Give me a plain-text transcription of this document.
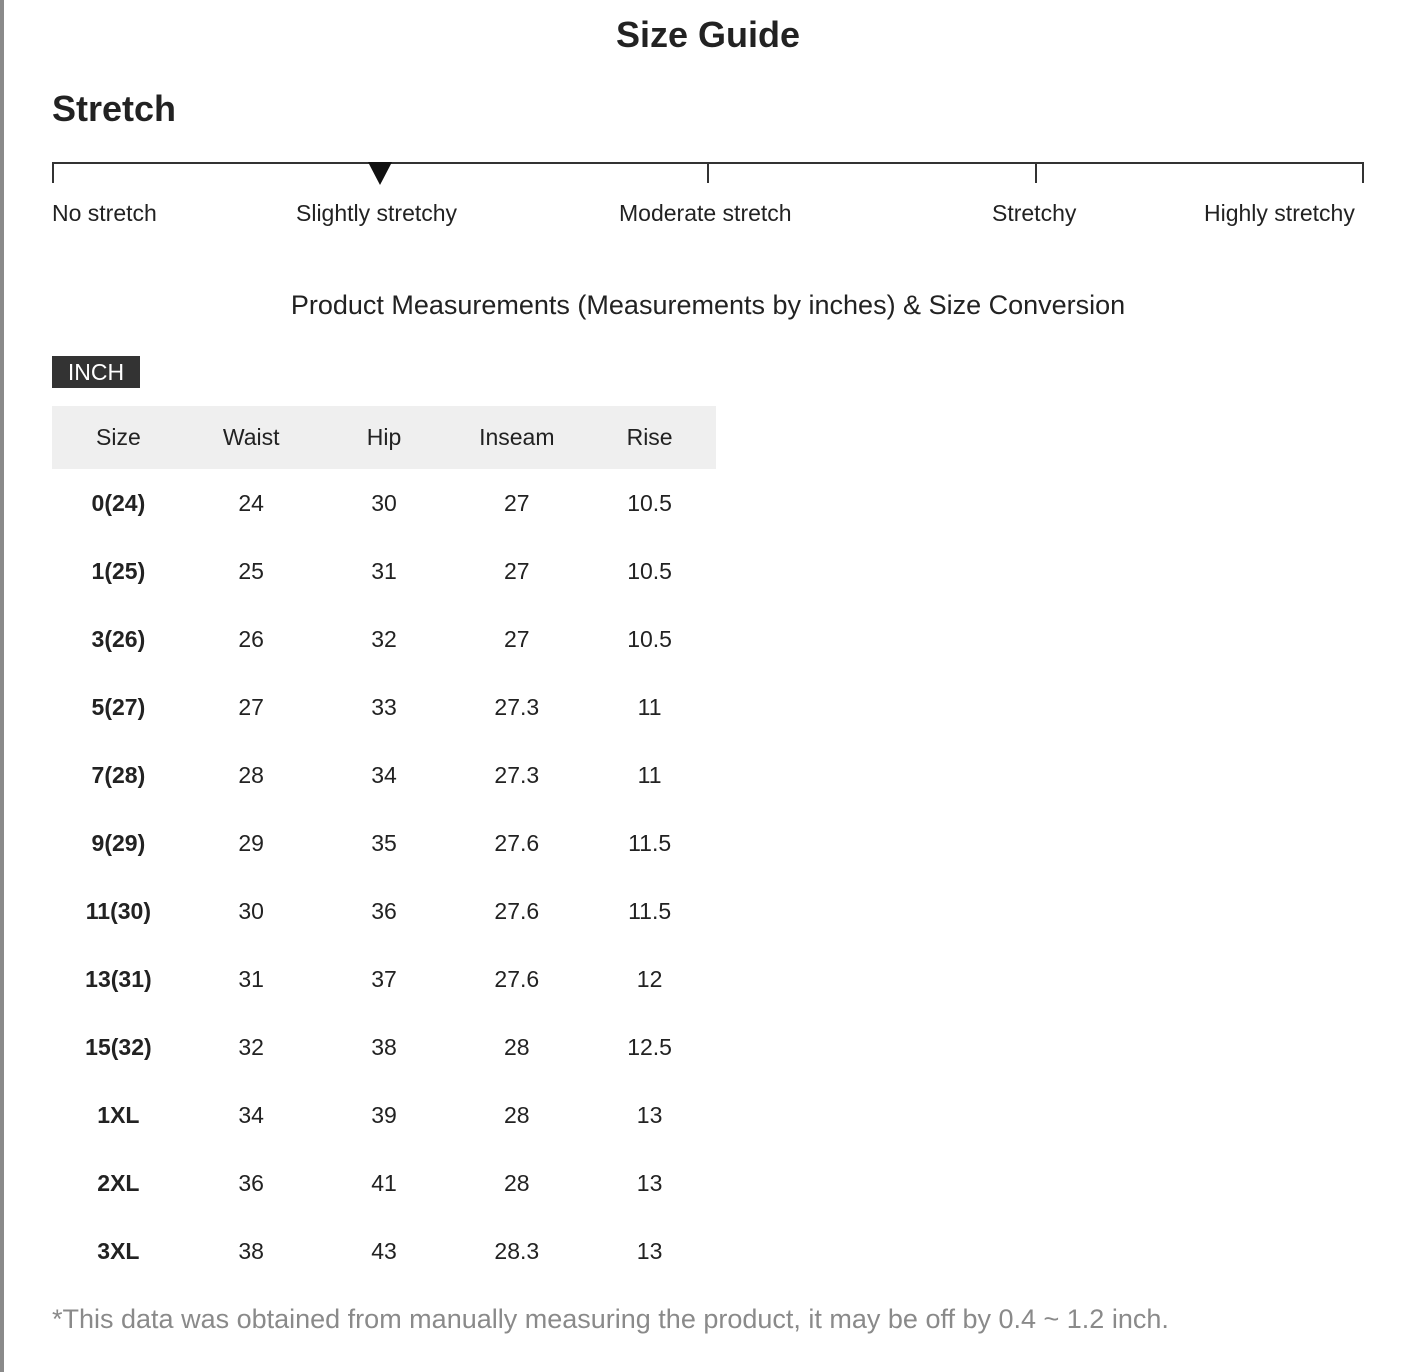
Size Guide
Stretch
No stretch	Slightly stretchy	Moderate stretch	Stretchy	Highly stretchy
Product Measurements (Measurements by inches) & Size Conversion
INCH
Size	Waist	Hip	Inseam	Rise
0(24)	24	30	27	10.5
1(25)	25	31	27	10.5
3(26)	26	32	27	10.5
5(27)	27	33	27.3	11
7(28)	28	34	27.3	11
9(29)	29	35	27.6	11.5
11(30)	30	36	27.6	11.5
13(31)	31	37	27.6	12
15(32)	32	38	28	12.5
1XL	34	39	28	13
2XL	36	41	28	13
3XL	38	43	28.3	13
*This data was obtained from manually measuring the product, it may be off by 0.4 ~ 1.2 inch.
